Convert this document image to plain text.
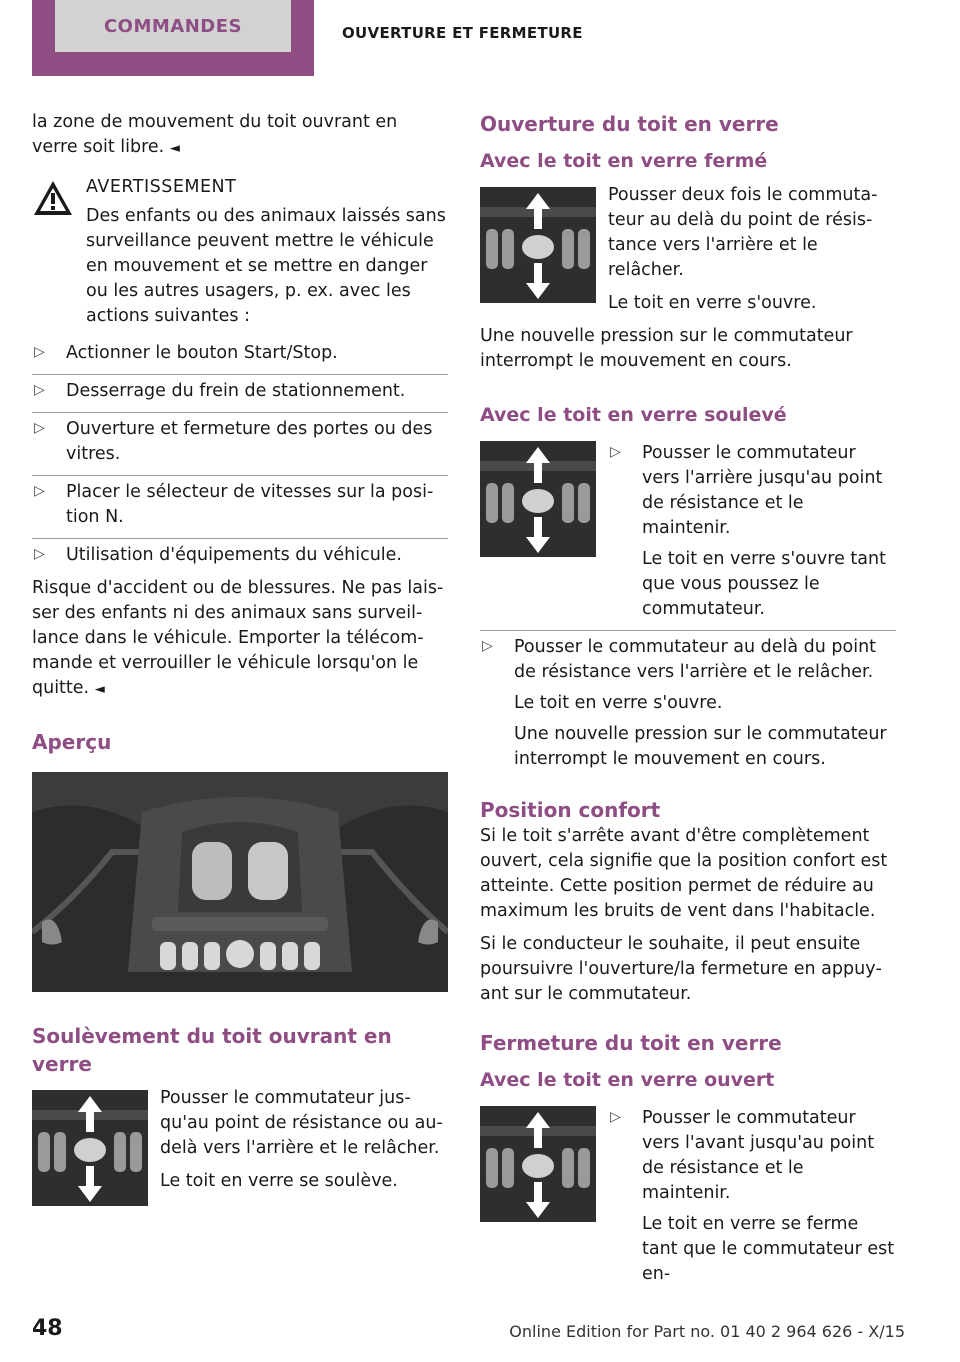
COMMANDES	OUVERTURE ET FERMETURE

la zone de mouvement du toit ouvrant en verre soit libre. ◄

AVERTISSEMENT

Des enfants ou des animaux laissés sans surveillance peuvent mettre le véhicule en mouvement et se mettre en danger ou les autres usagers, p. ex. avec les actions suivantes :

▷ Actionner le bouton Start/Stop.
▷ Desserrage du frein de stationnement.
▷ Ouverture et fermeture des portes ou des vitres.
▷ Placer le sélecteur de vitesses sur la position N.
▷ Utilisation d'équipements du véhicule.

Risque d'accident ou de blessures. Ne pas laisser des enfants ni des animaux sans surveillance dans le véhicule. Emporter la télécommande et verrouiller le véhicule lorsqu'on le quitte. ◄

Aperçu
Soulèvement du toit ouvrant en verre

Pousser le commutateur jusqu'au point de résistance ou audelà vers l'arrière et le relâcher.

Le toit en verre se soulève.

Ouverture du toit en verre
Avec le toit en verre fermé

Pousser deux fois le commutateur au delà du point de résistance vers l'arrière et le relâcher.

Le toit en verre s'ouvre.

Une nouvelle pression sur le commutateur interrompt le mouvement en cours.

Avec le toit en verre soulevé
▷ Pousser le commutateur vers l'arrière jusqu'au point de résistance et le maintenir.

Le toit en verre s'ouvre tant que vous poussez le commutateur.

▷ Pousser le commutateur au delà du point de résistance vers l'arrière et le relâcher.

Le toit en verre s'ouvre.

Une nouvelle pression sur le commutateur interrompt le mouvement en cours.

Position confort

Si le toit s'arrête avant d'être complètement ouvert, cela signifie que la position confort est atteinte. Cette position permet de réduire au maximum les bruits de vent dans l'habitacle.

Si le conducteur le souhaite, il peut ensuite poursuivre l'ouverture/la fermeture en appuyant sur le commutateur.

Fermeture du toit en verre
Avec le toit en verre ouvert
▷ Pousser le commutateur vers l'avant jusqu'au point de résistance et le maintenir.

Le toit en verre se ferme tant que le commutateur est en-

48	Online Edition for Part no. 01 40 2 964 626 - X/15
